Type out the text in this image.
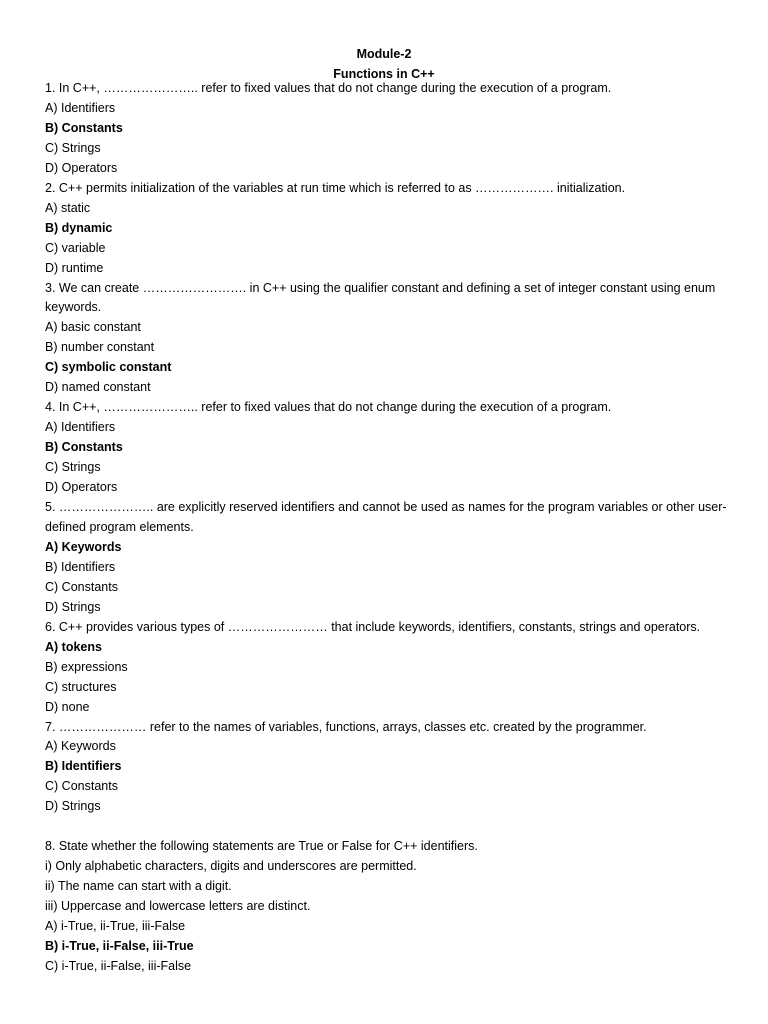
Module-2
Functions in C++
1. In C++, ………………….. refer to fixed values that do not change during the execution of a program.
A) Identifiers
B) Constants
C) Strings
D) Operators
2. C++ permits initialization of the variables at run time which is referred to as ………………. initialization.
A) static
B) dynamic
C) variable
D) runtime
3. We can create ……………………. in C++ using the qualifier constant and defining a set of integer constant using enum keywords.
A) basic constant
B) number constant
C) symbolic constant
D) named constant
4. In C++, ………………….. refer to fixed values that do not change during the execution of a program.
A) Identifiers
B) Constants
C) Strings
D) Operators
5. ………………….. are explicitly reserved identifiers and cannot be used as names for the program variables or other user-defined program elements.
A) Keywords
B) Identifiers
C) Constants
D) Strings
6. C++ provides various types of …………………… that include keywords, identifiers, constants, strings and operators.
A) tokens
B) expressions
C) structures
D) none
7. ………………… refer to the names of variables, functions, arrays, classes etc. created by the programmer.
A) Keywords
B) Identifiers
C) Constants
D) Strings
8. State whether the following statements are True or False for C++ identifiers.
i) Only alphabetic characters, digits and underscores are permitted.
ii) The name can start with a digit.
iii) Uppercase and lowercase letters are distinct.
A) i-True, ii-True, iii-False
B) i-True, ii-False, iii-True
C) i-True, ii-False, iii-False
